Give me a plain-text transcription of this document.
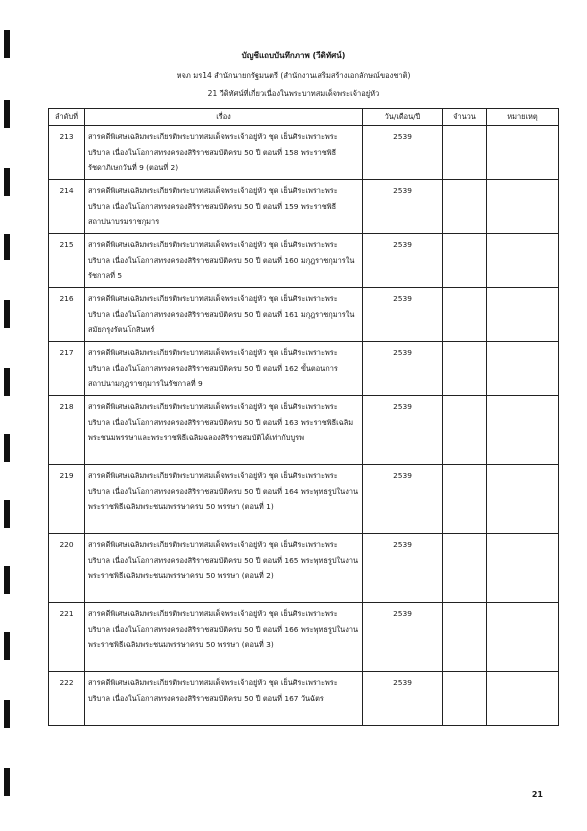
บัญชีแถบบันทึกภาพ (วีดิทัศน์)
หจภ มร14 สำนักนายกรัฐมนตรี (สำนักงานเสริมสร้างเอกลักษณ์ของชาติ)
21 วีดิทัศน์ที่เกี่ยวเนื่องในพระบาทสมเด็จพระเจ้าอยู่หัว
ลำดับที่	เรื่อง	วัน/เดือน/ปี	จำนวน	หมายเหตุ
213	สารคดีพิเศษเฉลิมพระเกียรติพระบาทสมเด็จพระเจ้าอยู่หัว ชุด เย็นศิระเพราะพระบริบาล เนื่องในโอกาสทรงครองสิริราชสมบัติครบ 50 ปี ตอนที่ 158 พระราชพิธีรัชดาภิเษกวันที่ 9 (ตอนที่ 2)	2539		
214	สารคดีพิเศษเฉลิมพระเกียรติพระบาทสมเด็จพระเจ้าอยู่หัว ชุด เย็นศิระเพราะพระบริบาล เนื่องในโอกาสทรงครองสิริราชสมบัติครบ 50 ปี ตอนที่ 159 พระราชพิธีสถาปนาบรมราชกุมาร	2539		
215	สารคดีพิเศษเฉลิมพระเกียรติพระบาทสมเด็จพระเจ้าอยู่หัว ชุด เย็นศิระเพราะพระบริบาล เนื่องในโอกาสทรงครองสิริราชสมบัติครบ 50 ปี ตอนที่ 160 มกุฎราชกุมารในรัชกาลที่ 5	2539		
216	สารคดีพิเศษเฉลิมพระเกียรติพระบาทสมเด็จพระเจ้าอยู่หัว ชุด เย็นศิระเพราะพระบริบาล เนื่องในโอกาสทรงครองสิริราชสมบัติครบ 50 ปี ตอนที่ 161 มกุฎราชกุมารในสมัยกรุงรัตนโกสินทร์	2539		
217	สารคดีพิเศษเฉลิมพระเกียรติพระบาทสมเด็จพระเจ้าอยู่หัว ชุด เย็นศิระเพราะพระบริบาล เนื่องในโอกาสทรงครองสิริราชสมบัติครบ 50 ปี ตอนที่ 162 ขั้นตอนการสถาปนามกุฎราชกุมารในรัชกาลที่ 9	2539		
218	สารคดีพิเศษเฉลิมพระเกียรติพระบาทสมเด็จพระเจ้าอยู่หัว ชุด เย็นศิระเพราะพระบริบาล เนื่องในโอกาสทรงครองสิริราชสมบัติครบ 50 ปี ตอนที่ 163 พระราชพิธีเฉลิมพระชนมพรรษาและพระราชพิธีเฉลิมฉลองสิริราชสมบัติได้เท่ากับบูรพ	2539		
219	สารคดีพิเศษเฉลิมพระเกียรติพระบาทสมเด็จพระเจ้าอยู่หัว ชุด เย็นศิระเพราะพระบริบาล เนื่องในโอกาสทรงครองสิริราชสมบัติครบ 50 ปี ตอนที่ 164 พระพุทธรูปในงานพระราชพิธีเฉลิมพระชนมพรรษาครบ 50 พรรษา (ตอนที่ 1)	2539		
220	สารคดีพิเศษเฉลิมพระเกียรติพระบาทสมเด็จพระเจ้าอยู่หัว ชุด เย็นศิระเพราะพระบริบาล เนื่องในโอกาสทรงครองสิริราชสมบัติครบ 50 ปี ตอนที่ 165 พระพุทธรูปในงานพระราชพิธีเฉลิมพระชนมพรรษาครบ 50 พรรษา (ตอนที่ 2)	2539		
221	สารคดีพิเศษเฉลิมพระเกียรติพระบาทสมเด็จพระเจ้าอยู่หัว ชุด เย็นศิระเพราะพระบริบาล เนื่องในโอกาสทรงครองสิริราชสมบัติครบ 50 ปี ตอนที่ 166 พระพุทธรูปในงานพระราชพิธีเฉลิมพระชนมพรรษาครบ 50 พรรษา (ตอนที่ 3)	2539		
222	สารคดีพิเศษเฉลิมพระเกียรติพระบาทสมเด็จพระเจ้าอยู่หัว ชุด เย็นศิระเพราะพระบริบาล เนื่องในโอกาสทรงครองสิริราชสมบัติครบ 50 ปี ตอนที่ 167 วันฉัตร	2539		
21
